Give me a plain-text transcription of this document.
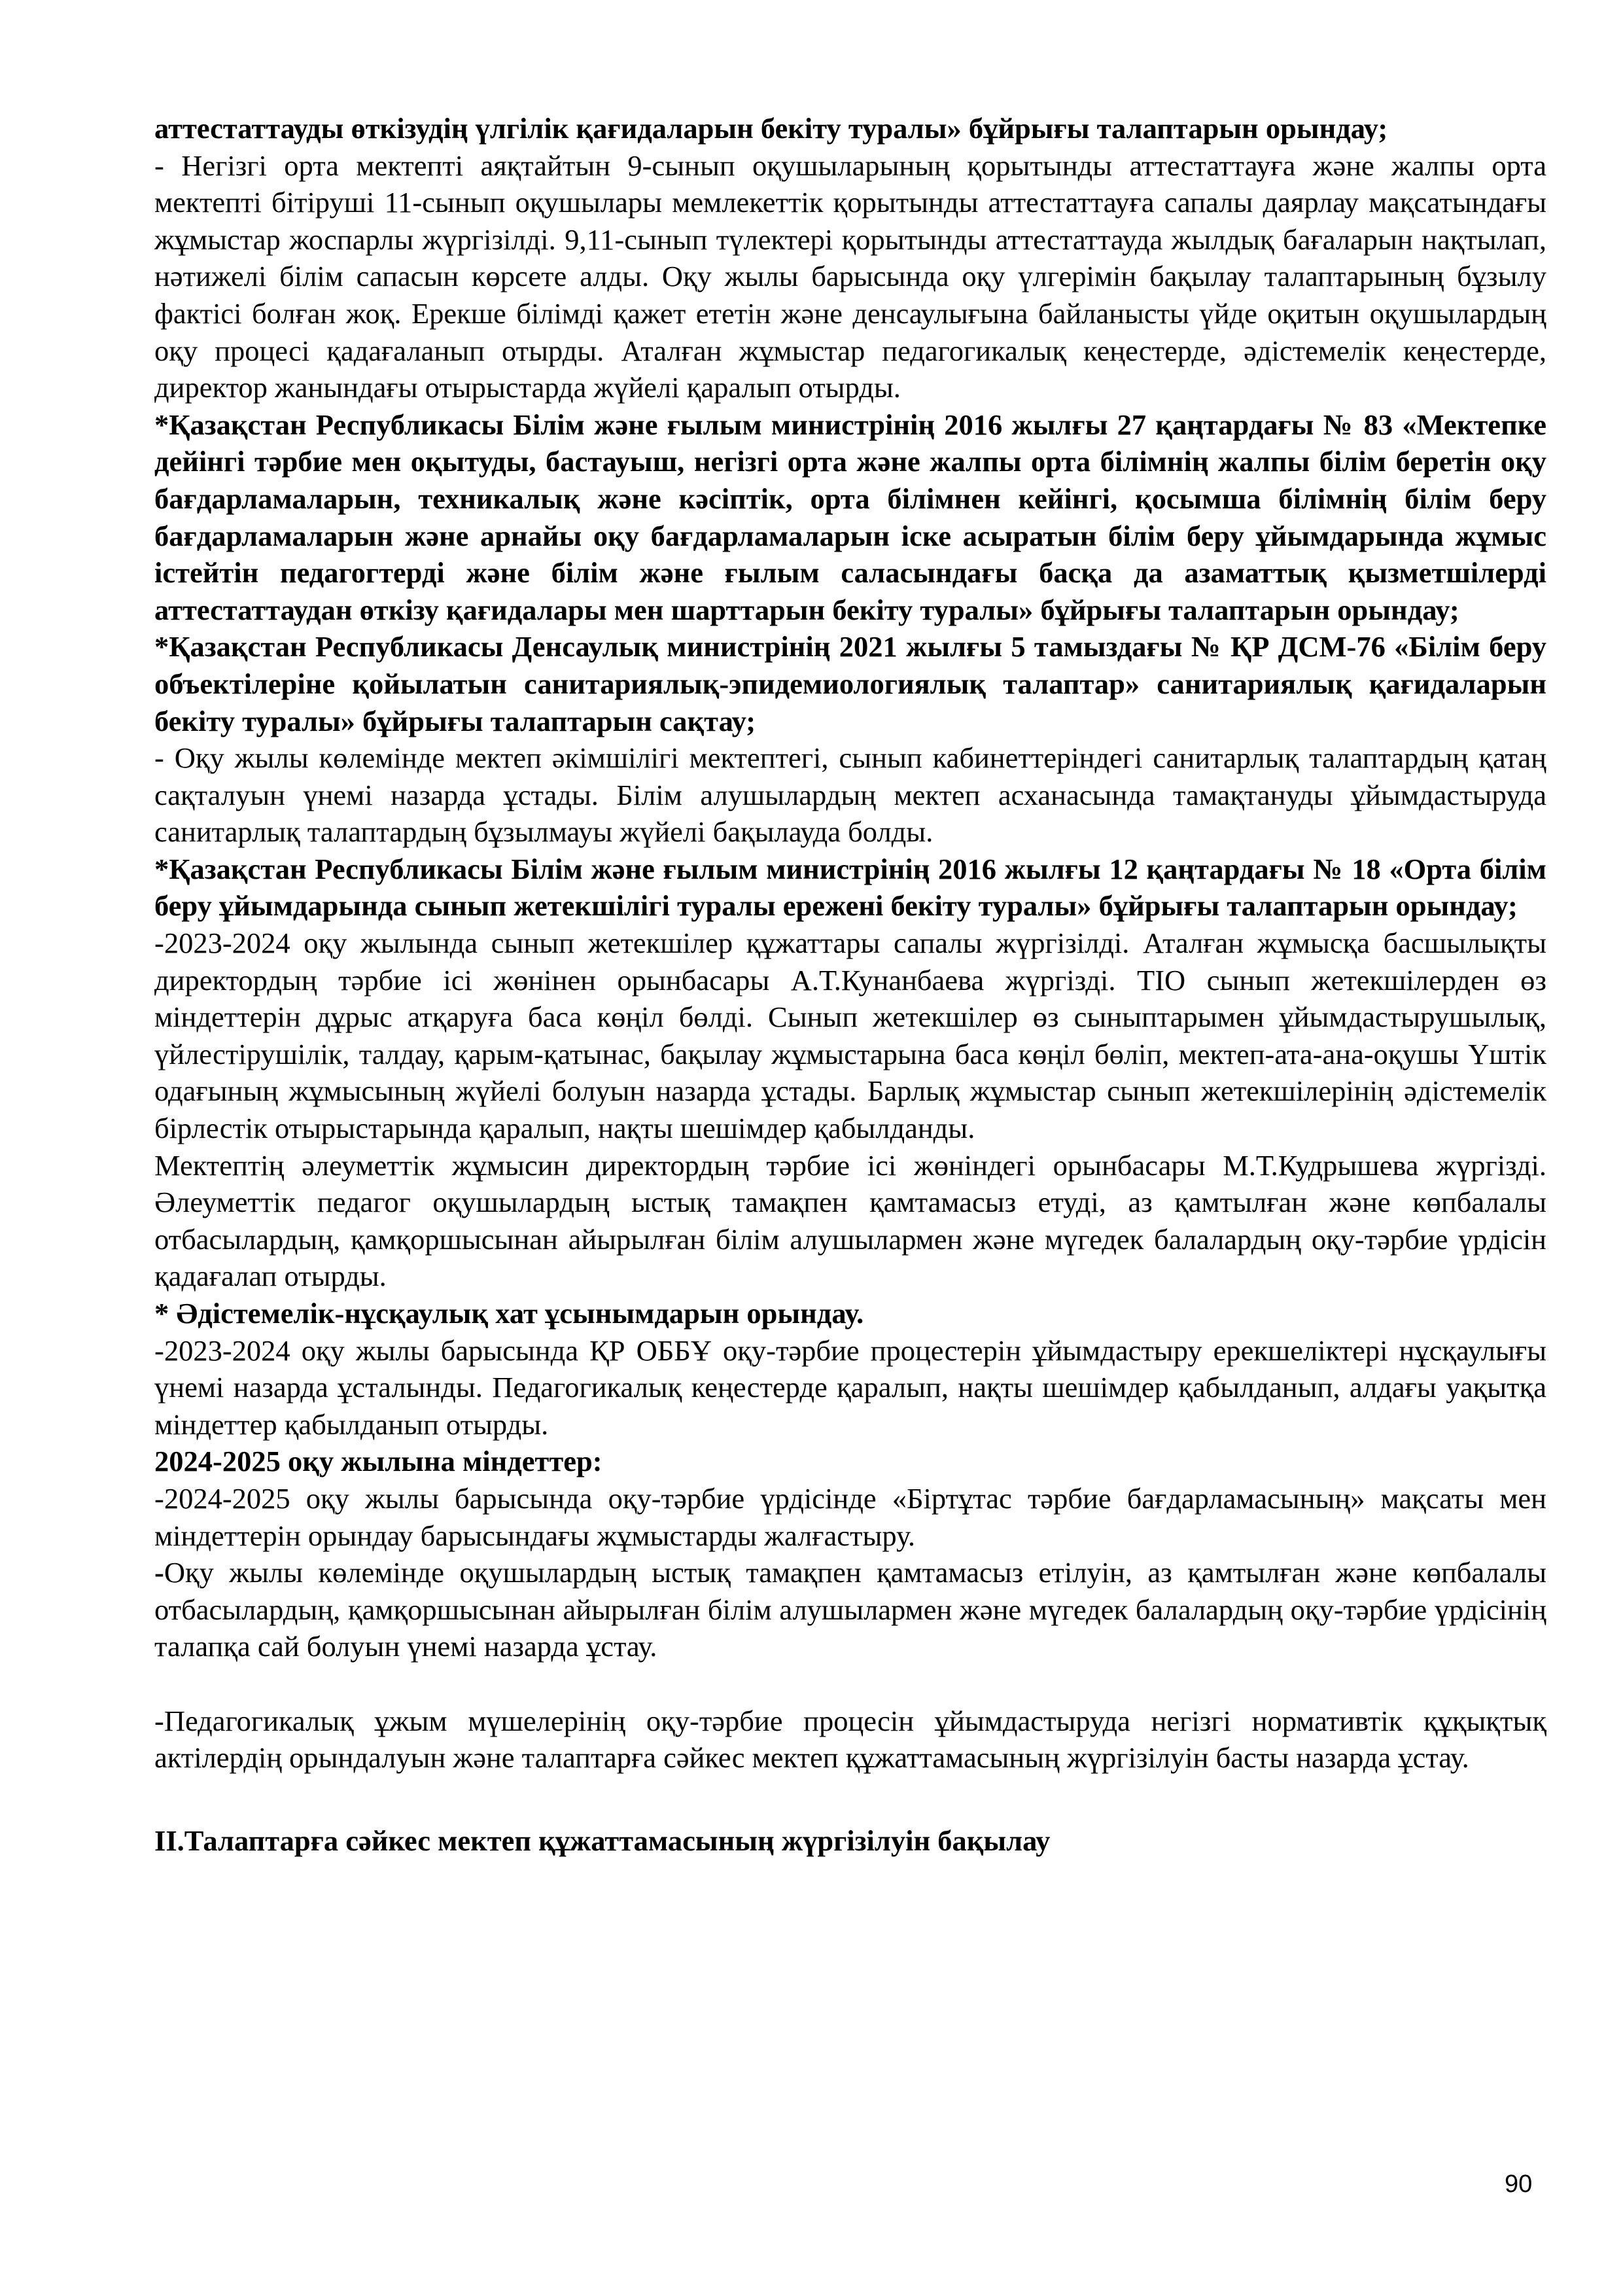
аттестаттауды өткізудің үлгілік қағидаларын бекіту туралы» бұйрығы талаптарын орындау;

- Негізгі орта мектепті аяқтайтын 9-сынып оқушыларының қорытынды аттестаттауға және жалпы орта мектепті бітіруші 11-сынып оқушылары мемлекеттік қорытынды аттестаттауға сапалы даярлау мақсатындағы жұмыстар жоспарлы жүргізілді. 9,11-сынып түлектері қорытынды аттестаттауда жылдық бағаларын нақтылап, нәтижелі білім сапасын көрсете алды. Оқу жылы барысында оқу үлгерімін бақылау талаптарының бұзылу фактісі болған жоқ. Ерекше білімді қажет ететін және денсаулығына байланысты үйде оқитын оқушылардың оқу процесі қадағаланып отырды. Аталған жұмыстар педагогикалық кеңестерде, әдістемелік кеңестерде, директор жанындағы отырыстарда жүйелі қаралып отырды.

*Қазақстан Республикасы Білім және ғылым министрінің 2016 жылғы 27 қаңтардағы № 83 «Мектепке дейінгі тәрбие мен оқытуды, бастауыш, негізгі орта және жалпы орта білімнің жалпы білім беретін оқу бағдарламаларын, техникалық және кәсіптік, орта білімнен кейінгі, қосымша білімнің білім беру бағдарламаларын және арнайы оқу бағдарламаларын іске асыратын білім беру ұйымдарында жұмыс істейтін педагогтерді және білім және ғылым саласындағы басқа да азаматтық қызметшілерді аттестаттаудан өткізу қағидалары мен шарттарын бекіту туралы» бұйрығы талаптарын орындау;

*Қазақстан Республикасы Денсаулық министрінің 2021 жылғы 5 тамыздағы № ҚР ДСМ-76 «Білім беру объектілеріне қойылатын санитариялық-эпидемиологиялық талаптар» санитариялық қағидаларын бекіту туралы» бұйрығы талаптарын сақтау;

- Оқу жылы көлемінде мектеп әкімшілігі мектептегі, сынып кабинеттеріндегі санитарлық талаптардың қатаң сақталуын үнемі назарда ұстады. Білім алушылардың мектеп асханасында тамақтануды ұйымдастыруда санитарлық талаптардың бұзылмауы жүйелі бақылауда болды.

*Қазақстан Республикасы Білім және ғылым министрінің 2016 жылғы 12 қаңтардағы № 18 «Орта білім беру ұйымдарында сынып жетекшілігі туралы ережені бекіту туралы» бұйрығы талаптарын орындау;

-2023-2024 оқу жылында сынып жетекшілер құжаттары сапалы жүргізілді. Аталған жұмысқа басшылықты директордың тәрбие ісі жөнінен орынбасары А.Т.Кунанбаева жүргізді. ТІО сынып жетекшілерден өз міндеттерін дұрыс атқаруға баса көңіл бөлді. Сынып жетекшілер өз сыныптарымен ұйымдастырушылық, үйлестірушілік, талдау, қарым-қатынас, бақылау жұмыстарына баса көңіл бөліп, мектеп-ата-ана-оқушы Үштік одағының жұмысының жүйелі болуын назарда ұстады. Барлық жұмыстар сынып жетекшілерінің әдістемелік бірлестік отырыстарында қаралып, нақты шешімдер қабылданды.

Мектептің әлеуметтік жұмысин директордың тәрбие ісі жөніндегі орынбасары М.Т.Кудрышева жүргізді. Әлеуметтік педагог оқушылардың ыстық тамақпен қамтамасыз етуді, аз қамтылған және көпбалалы отбасылардың, қамқоршысынан айырылған білім алушылармен және мүгедек балалардың оқу-тәрбие үрдісін қадағалап отырды.

* Әдістемелік-нұсқаулық хат ұсынымдарын орындау.

-2023-2024 оқу жылы барысында ҚР ОББҰ оқу-тәрбие процестерін ұйымдастыру ерекшеліктері нұсқаулығы үнемі назарда ұсталынды. Педагогикалық кеңестерде қаралып, нақты шешімдер қабылданып, алдағы уақытқа міндеттер қабылданып отырды.

2024-2025 оқу жылына міндеттер:

-2024-2025 оқу жылы барысында оқу-тәрбие үрдісінде «Біртұтас тәрбие бағдарламасының» мақсаты мен міндеттерін орындау барысындағы жұмыстарды жалғастыру.

-Оқу жылы көлемінде оқушылардың ыстық тамақпен қамтамасыз етілуін, аз қамтылған және көпбалалы отбасылардың, қамқоршысынан айырылған білім алушылармен және мүгедек балалардың оқу-тәрбие үрдісінің талапқа сай болуын үнемі назарда ұстау.

-Педагогикалық ұжым мүшелерінің оқу-тәрбие процесін ұйымдастыруда негізгі нормативтік құқықтық актілердің орындалуын және талаптарға сәйкес мектеп құжаттамасының жүргізілуін басты назарда ұстау.

ІІ.Талаптарға сәйкес мектеп құжаттамасының жүргізілуін бақылау

90
